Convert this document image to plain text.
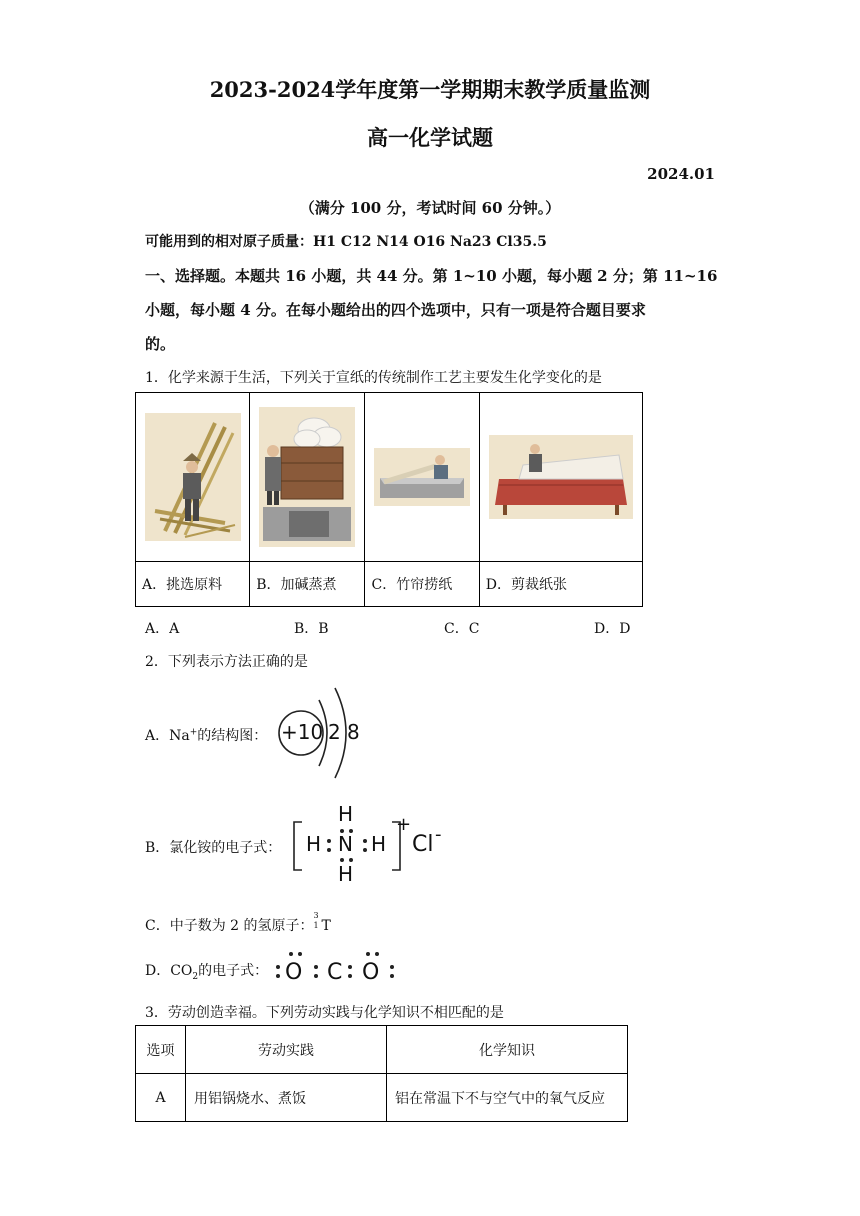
2023-2024学年度第一学期期末教学质量监测
高一化学试题
2024.01
（满分 100 分，考试时间 60 分钟。）
可能用到的相对原子质量：H1 C12 N14 O16 Na23 Cl35.5
一、选择题。本题共 16 小题，共 44 分。第 1~10 小题，每小题 2 分；第 11~16
小题，每小题 4 分。在每小题给出的四个选项中，只有一项是符合题目要求
的。
1．化学来源于生活，下列关于宣纸的传统制作工艺主要发生化学变化的是

A．挑选原料	B．加碱蒸煮	C．竹帘捞纸	D．剪裁纸张
A．A	B．B	C．C	D．D
2．下列表示方法正确的是
A．Na+的结构图： +10 2 8
B．氯化铵的电子式：
H
H N H
H
+
Cl -
C．中子数为 2 的氢原子：
3
1 T
D．$CO_2$的电子式： O C O
3．劳动创造幸福。下列劳动实践与化学知识不相匹配的是
选项	劳动实践	化学知识
A	用铝锅烧水、煮饭	铝在常温下不与空气中的氧气反应
